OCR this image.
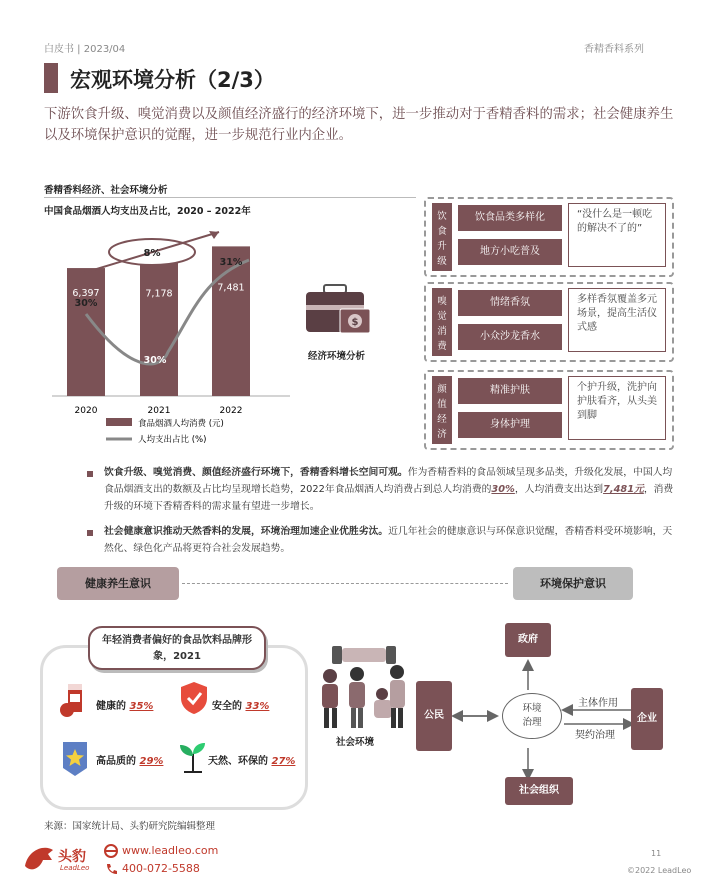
白皮书 | 2023/04	香精香料系列
宏观环境分析（2/3）
下游饮食升级、嗅觉消费以及颜值经济盛行的经济环境下，进一步推动对于香精香料的需求；社会健康养生以及环境保护意识的觉醒，进一步规范行业内企业。
香精香料经济、社会环境分析
中国食品烟酒人均支出及占比，2020 – 2022年
6,397	7,178
7,481
8%
30%
30%
31%
2020	2021	2022
食品烟酒人均消费 (元)
人均支出占比 (%)
$
经济环境分析
饮
食
升
级
饮食品类多样化
地方小吃普及
“没什么是一顿吃的解决不了的”
嗅
觉
消
费
情绪香氛
小众沙龙香水
多样香氛覆盖多元场景，提高生活仪式感
颜
值
经
济
精准护肤
身体护理
个护升级，洗护向护肤看齐，从头美到脚
饮食升级、嗅觉消费、颜值经济盛行环境下，香精香料增长空间可观。作为香精香料的食品领域呈现多品类，升级化发展，中国人均食品烟酒支出的数额及占比均呈现增长趋势，2022年食品烟酒人均消费占到总人均消费的30%，人均消费支出达到7,481元，消费升级的环境下香精香料的需求量有望进一步增长。
社会健康意识推动天然香料的发展，环境治理加速企业优胜劣汰。近几年社会的健康意识与环保意识觉醒，香精香料受环境影响，天然化、绿色化产品将更符合社会发展趋势。
健康养生意识	环境保护意识
年轻消费者偏好的食品饮料品牌形象，2021
健康的 35%	安全的 33%
高品质的 29%	天然、环保的 27%
社会环境
政府
公民
环境治理	企业
社会组织
主体作用
契约治理
来源：国家统计局、头豹研究院编辑整理
头豹
LeadLeo
www.leadleo.com
400-072-5588
11
©2022 LeadLeo
